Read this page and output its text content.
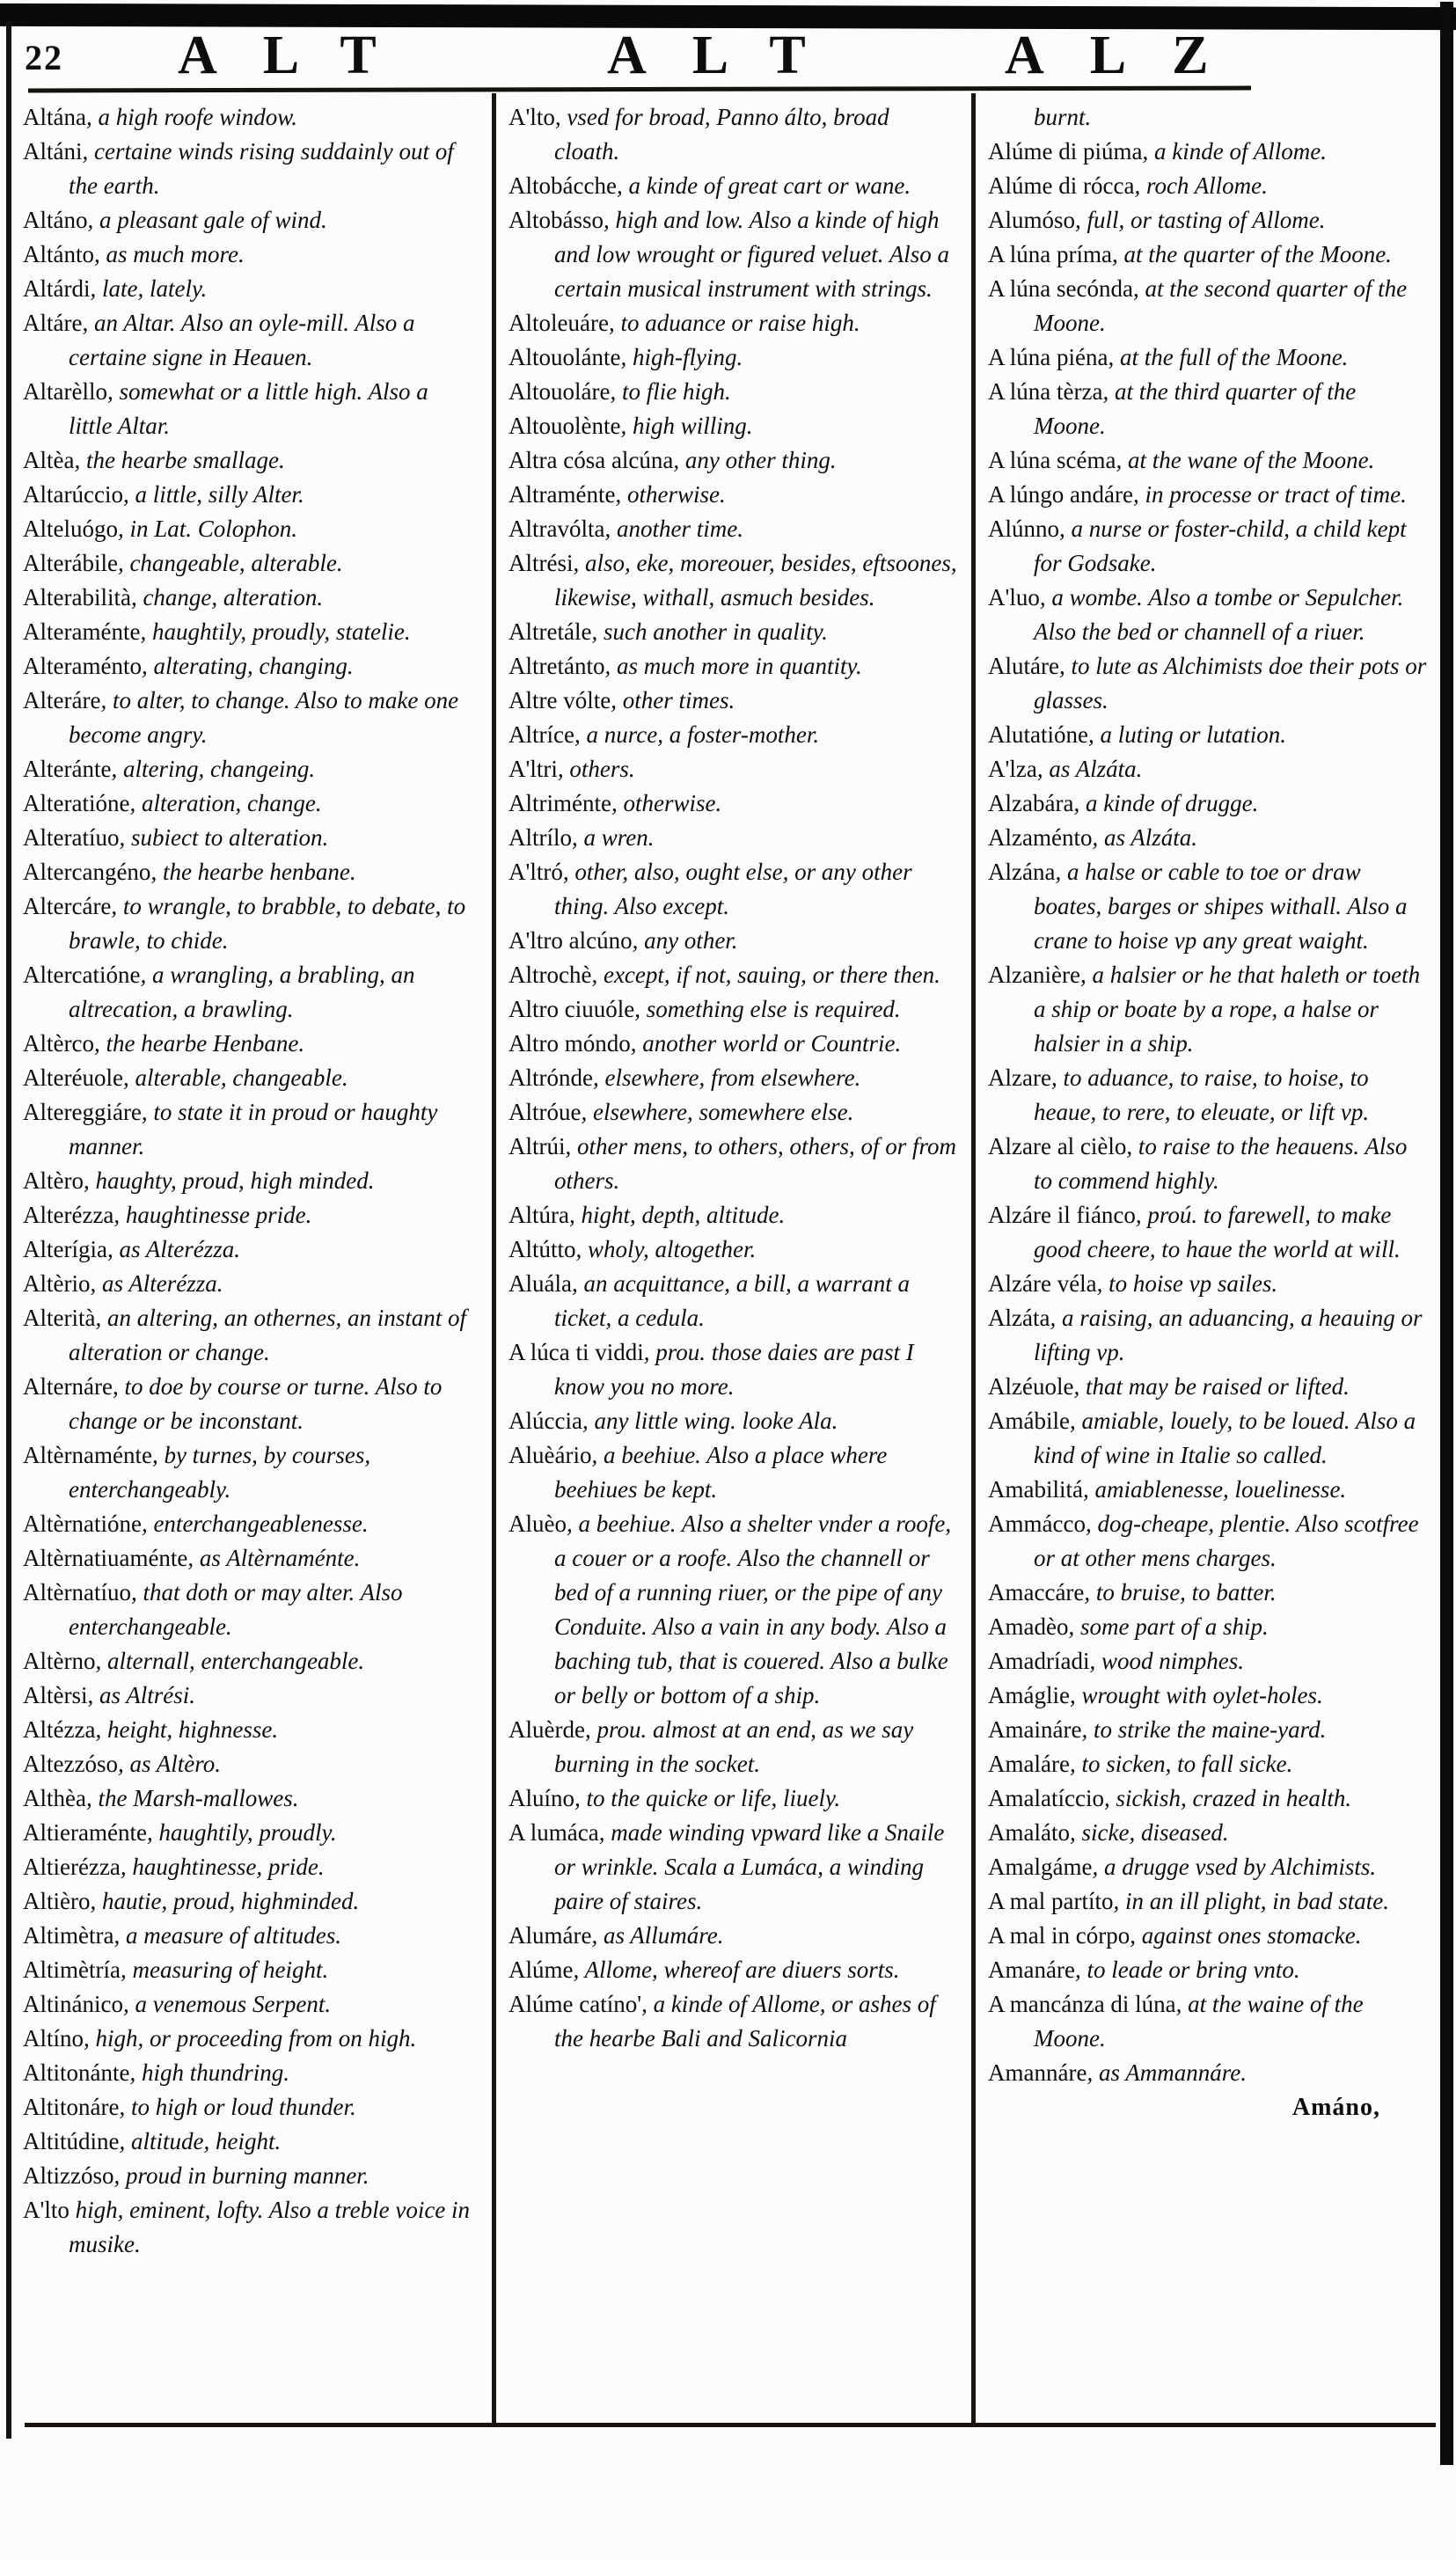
22 ALT	ALT	ALZ
Altána, a high roofe window.
Altáni, certaine winds rising suddainly out of the earth.
Altáno, a pleasant gale of wind.
Altánto, as much more.
Altárdi, late, lately.
Altáre, an Altar. Also an oyle-mill. Also a certaine signe in Heauen.
Altarèllo, somewhat or a little high. Also a little Altar.
Altèa, the hearbe smallage.
Altarúccio, a little, silly Alter.
Alteluógo, in Lat. Colophon.
Alterábile, changeable, alterable.
Alterabilità, change, alteration.
Alteraménte, haughtily, proudly, statelie.
Alteraménto, alterating, changing.
Alteráre, to alter, to change. Also to make one become angry.
Alteránte, altering, changeing.
Alteratióne, alteration, change.
Alteratíuo, subiect to alteration.
Altercangéno, the hearbe henbane.
Altercáre, to wrangle, to brabble, to debate, to brawle, to chide.
Altercatióne, a wrangling, a brabling, an altrecation, a brawling.
Altèrco, the hearbe Henbane.
Alteréuole, alterable, changeable.
Altereggiáre, to state it in proud or haughty manner.
Altèro, haughty, proud, high minded.
Alterézza, haughtinesse pride.
Alterígia, as Alterézza.
Altèrio, as Alterézza.
Alterità, an altering, an othernes, an instant of alteration or change.
Alternáre, to doe by course or turne. Also to change or be inconstant.
Altèrnaménte, by turnes, by courses, enterchangeably.
Altèrnatióne, enterchangeablenesse.
Altèrnatiuaménte, as Altèrnaménte.
Altèrnatíuo, that doth or may alter. Also enterchangeable.
Altèrno, alternall, enterchangeable.
Altèrsi, as Altrési.
Altézza, height, highnesse.
Altezzóso, as Altèro.
Althèa, the Marsh-mallowes.
Altieraménte, haughtily, proudly.
Altierézza, haughtinesse, pride.
Altièro, hautie, proud, highminded.
Altimètra, a measure of altitudes.
Altimètría, measuring of height.
Altinánico, a venemous Serpent.
Altíno, high, or proceeding from on high.
Altitonánte, high thundring.
Altitonáre, to high or loud thunder.
Altitúdine, altitude, height.
Altizzóso, proud in burning manner.
A'lto high, eminent, lofty. Also a treble voice in musike.
A'lto, vsed for broad, Panno álto, broad cloath.
Altobácche, a kinde of great cart or wane.
Altobásso, high and low. Also a kinde of high and low wrought or figured veluet. Also a certain musical instrument with strings.
Altoleuáre, to aduance or raise high.
Altouolánte, high-flying.
Altouoláre, to flie high.
Altouolènte, high willing.
Altra cósa alcúna, any other thing.
Altraménte, otherwise.
Altravólta, another time.
Altrési, also, eke, moreouer, besides, eftsoones, likewise, withall, asmuch besides.
Altretále, such another in quality.
Altretánto, as much more in quantity.
Altre vólte, other times.
Altríce, a nurce, a foster-mother.
A'ltri, others.
Altriménte, otherwise.
Altrílo, a wren.
A'ltró, other, also, ought else, or any other thing. Also except.
A'ltro alcúno, any other.
Altrochè, except, if not, sauing, or there then.
Altro ciuuóle, something else is required.
Altro móndo, another world or Countrie.
Altrónde, elsewhere, from elsewhere.
Altróue, elsewhere, somewhere else.
Altrúi, other mens, to others, others, of or from others.
Altúra, hight, depth, altitude.
Altútto, wholy, altogether.
Aluála, an acquittance, a bill, a warrant a ticket, a cedula.
A lúca ti viddi, prou. those daies are past I know you no more.
Alúccia, any little wing. looke Ala.
Aluèário, a beehiue. Also a place where beehiues be kept.
Aluèo, a beehiue. Also a shelter vnder a roofe, a couer or a roofe. Also the channell or bed of a running riuer, or the pipe of any Conduite. Also a vain in any body. Also a baching tub, that is couered. Also a bulke or belly or bottom of a ship.
Aluèrde, prou. almost at an end, as we say burning in the socket.
Aluíno, to the quicke or life, liuely.
A lumáca, made winding vpward like a Snaile or wrinkle. Scala a Lumáca, a winding paire of staires.
Alumáre, as Allumáre.
Alúme, Allome, whereof are diuers sorts.
Alúme catíno', a kinde of Allome, or ashes of the hearbe Bali and Salicornia
burnt.
Alúme di piúma, a kinde of Allome.
Alúme di rócca, roch Allome.
Alumóso, full, or tasting of Allome.
A lúna príma, at the quarter of the Moone.
A lúna secónda, at the second quarter of the Moone.
A lúna piéna, at the full of the Moone.
A lúna tèrza, at the third quarter of the Moone.
A lúna scéma, at the wane of the Moone.
A lúngo andáre, in processe or tract of time.
Alúnno, a nurse or foster-child, a child kept for Godsake.
A'luo, a wombe. Also a tombe or Sepulcher. Also the bed or channell of a riuer.
Alutáre, to lute as Alchimists doe their pots or glasses.
Alutatióne, a luting or lutation.
A'lza, as Alzáta.
Alzabára, a kinde of drugge.
Alzaménto, as Alzáta.
Alzána, a halse or cable to toe or draw boates, barges or shipes withall. Also a crane to hoise vp any great waight.
Alzanière, a halsier or he that haleth or toeth a ship or boate by a rope, a halse or halsier in a ship.
Alzare, to aduance, to raise, to hoise, to heaue, to rere, to eleuate, or lift vp.
Alzare al cièlo, to raise to the heauens. Also to commend highly.
Alzáre il fiánco, proú. to farewell, to make good cheere, to haue the world at will.
Alzáre véla, to hoise vp sailes.
Alzáta, a raising, an aduancing, a heauing or lifting vp.
Alzéuole, that may be raised or lifted.
Amábile, amiable, louely, to be loued. Also a kind of wine in Italie so called.
Amabilitá, amiablenesse, louelinesse.
Ammácco, dog-cheape, plentie. Also scotfree or at other mens charges.
Amaccáre, to bruise, to batter.
Amadèo, some part of a ship.
Amadríadi, wood nimphes.
Amáglie, wrought with oylet-holes.
Amaináre, to strike the maine-yard.
Amaláre, to sicken, to fall sicke.
Amalatíccio, sickish, crazed in health.
Amaláto, sicke, diseased.
Amalgáme, a drugge vsed by Alchimists.
A mal partíto, in an ill plight, in bad state.
A mal in córpo, against ones stomacke.
Amanáre, to leade or bring vnto.
A mancánza di lúna, at the waine of the Moone.
Amannáre, as Ammannáre.
Amáno,
